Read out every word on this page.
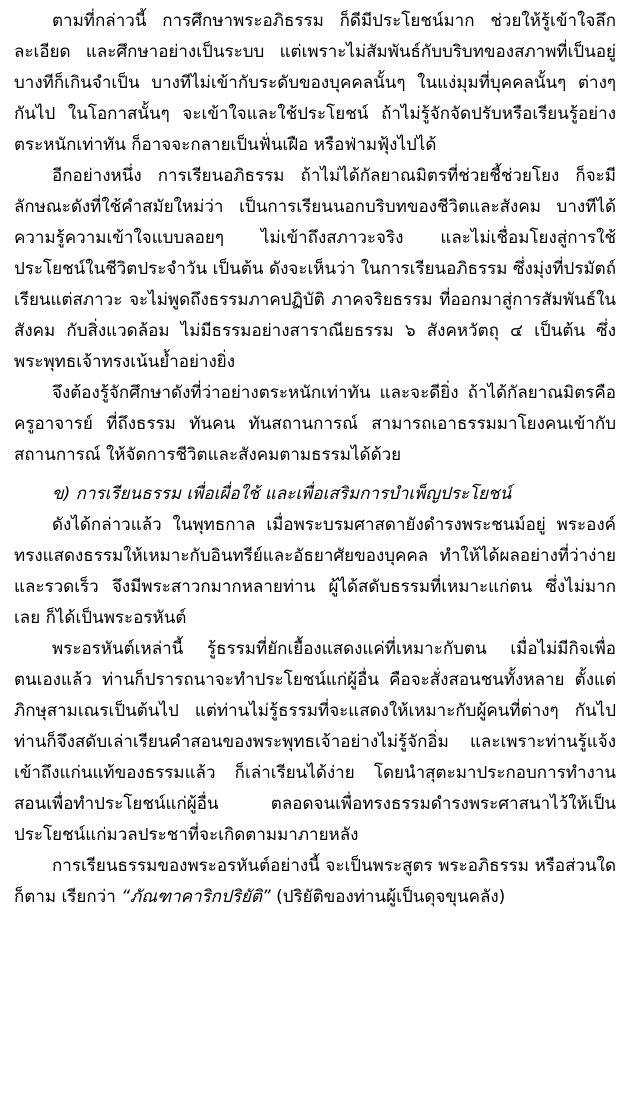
ตามที่กล่าวนี้ การศึกษาพระอภิธรรม ก็ดีมีประโยชน์มาก ช่วยให้รู้เข้าใจลึกละเอียด และศึกษาอย่างเป็นระบบ แต่เพราะไม่สัมพันธ์กับบริบทของสภาพที่เป็นอยู่ บางทีก็เกินจำเป็น บางทีไม่เข้ากับระดับของบุคคลนั้นๆ ในแง่มุมที่บุคคลนั้นๆ ต่างๆ กันไป ในโอกาสนั้นๆ จะเข้าใจและใช้ประโยชน์ ถ้าไม่รู้จักจัดปรับหรือเรียนรู้อย่างตระหนักเท่าทัน ก็อาจจะกลายเป็นฟั่นเฝือ หรือฟ่ามฟุ้งไปได้

อีกอย่างหนึ่ง การเรียนอภิธรรม ถ้าไม่ได้กัลยาณมิตรที่ช่วยชี้ช่วยโยง ก็จะมีลักษณะดังที่ใช้คำสมัยใหม่ว่า เป็นการเรียนนอกบริบทของชีวิตและสังคม บางทีได้ความรู้ความเข้าใจแบบลอยๆ ไม่เข้าถึงสภาวะจริง และไม่เชื่อมโยงสู่การใช้ประโยชน์ในชีวิตประจำวัน เป็นต้น ดังจะเห็นว่า ในการเรียนอภิธรรม ซึ่งมุ่งที่ปรมัตถ์ เรียนแต่สภาวะ จะไม่พูดถึงธรรมภาคปฏิบัติ ภาคจริยธรรม ที่ออกมาสู่การสัมพันธ์ในสังคม กับสิ่งแวดล้อม ไม่มีธรรมอย่างสาราณียธรรม ๖ สังคหวัตถุ ๔ เป็นต้น ซึ่งพระพุทธเจ้าทรงเน้นย้ำอย่างยิ่ง

จึงต้องรู้จักศึกษาดังที่ว่าอย่างตระหนักเท่าทัน และจะดียิ่ง ถ้าได้กัลยาณมิตรคือครูอาจารย์ ที่ถึงธรรม ทันคน ทันสถานการณ์ สามารถเอาธรรมมาโยงคนเข้ากับสถานการณ์ ให้จัดการชีวิตและสังคมตามธรรมได้ด้วย

ข) การเรียนธรรม เพื่อเผื่อใช้ และเพื่อเสริมการบำเพ็ญประโยชน์

ดังได้กล่าวแล้ว ในพุทธกาล เมื่อพระบรมศาสดายังดำรงพระชนม์อยู่ พระองค์ทรงแสดงธรรมให้เหมาะกับอินทรีย์และอัธยาศัยของบุคคล ทำให้ได้ผลอย่างที่ว่าง่ายและรวดเร็ว จึงมีพระสาวกมากหลายท่าน ผู้ได้สดับธรรมที่เหมาะแก่ตน ซึ่งไม่มากเลย ก็ได้เป็นพระอรหันต์

พระอรหันต์เหล่านี้ รู้ธรรมที่ยักเยื้องแสดงแค่ที่เหมาะกับตน เมื่อไม่มีกิจเพื่อตนเองแล้ว ท่านก็ปรารถนาจะทำประโยชน์แก่ผู้อื่น คือจะสั่งสอนชนทั้งหลาย ตั้งแต่ภิกษุสามเณรเป็นต้นไป แต่ท่านไม่รู้ธรรมที่จะแสดงให้เหมาะกับผู้คนที่ต่างๆ กันไป ท่านก็จึงสดับเล่าเรียนคำสอนของพระพุทธเจ้าอย่างไม่รู้จักอิ่ม และเพราะท่านรู้แจ้งเข้าถึงแก่นแท้ของธรรมแล้ว ก็เล่าเรียนได้ง่าย โดยนำสุตะมาประกอบการทำงานสอนเพื่อทำประโยชน์แก่ผู้อื่น ตลอดจนเพื่อทรงธรรมดำรงพระศาสนาไว้ให้เป็นประโยชน์แก่มวลประชาที่จะเกิดตามมาภายหลัง

การเรียนธรรมของพระอรหันต์อย่างนี้ จะเป็นพระสูตร พระอภิธรรม หรือส่วนใดก็ตาม เรียกว่า “ภัณฑาคาริกปริยัติ” (ปริยัติของท่านผู้เป็นดุจขุนคลัง)
